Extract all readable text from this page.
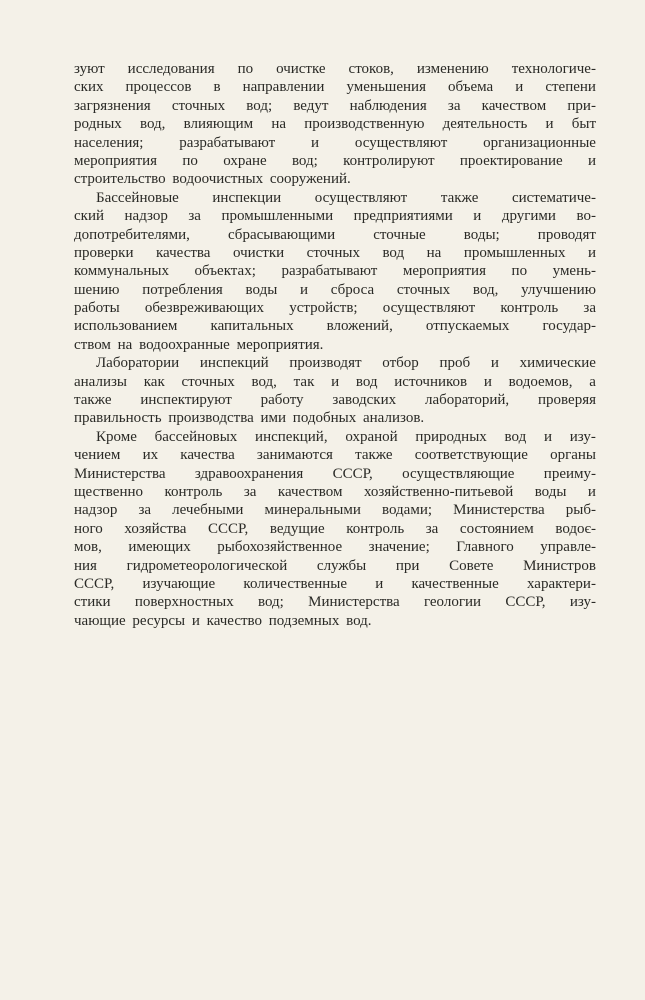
зуют исследования по очистке стоков, изменению технологиче-
ских процессов в направлении уменьшения объема и степени
загрязнения сточных вод; ведут наблюдения за качеством при-
родных вод, влияющим на производственную деятельность и быт
населения; разрабатывают и осуществляют организационные
мероприятия по охране вод; контролируют проектирование и
строительство водоочистных сооружений.
Бассейновые инспекции осуществляют также систематиче-
ский надзор за промышленными предприятиями и другими во-
допотребителями,	сбрасывающими	сточные	воды;	проводят
проверки качества очистки сточных вод на промышленных и
коммунальных объектах; разрабатывают мероприятия по умень-
шению потребления воды и сброса сточных вод, улучшению
работы обезвреживающих устройств; осуществляют контроль за
использованием капитальных вложений, отпускаемых государ-
ством на водоохранные мероприятия.
Лаборатории инспекций производят отбор проб и химические
анализы как сточных вод, так и вод источников и водоемов, а
также инспектируют работу заводских лабораторий, проверяя
правильность производства ими подобных анализов.
Кроме бассейновых инспекций, охраной природных вод и изу-
чением их качества занимаются также соответствующие органы
Министерства здравоохранения СССР, осуществляющие преиму-
щественно контроль за качеством хозяйственно-питьевой воды и
надзор за лечебными минеральными водами; Министерства рыб-
ного хозяйства СССР, ведущие контроль за состоянием водоє-
мов, имеющих рыбохозяйственное значение; Главного управле-
ния гидрометеорологической службы при Совете Министров
СССР, изучающие количественные и качественные характери-
стики поверхностных вод; Министерства геологии СССР, изу-
чающие ресурсы и качество подземных вод.
